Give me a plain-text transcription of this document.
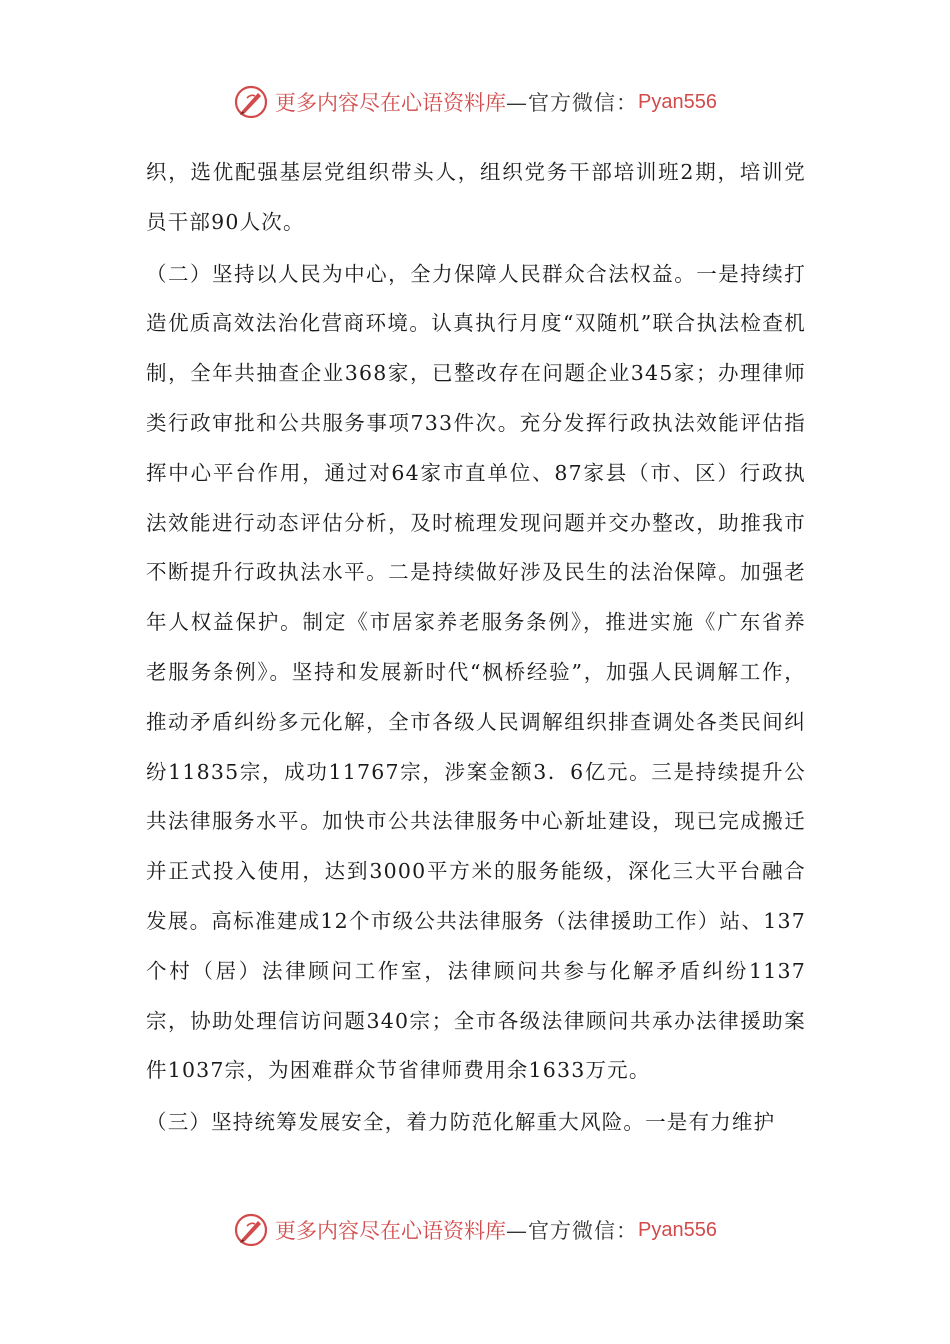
更多内容尽在心语资料库 —官方微信： Pyan556

织，选优配强基层党组织带头人，组织党务干部培训班2期，培训党员干部90人次。

（二）坚持以人民为中心，全力保障人民群众合法权益。一是持续打造优质高效法治化营商环境。认真执行月度“双随机”联合执法检查机制，全年共抽查企业368家，已整改存在问题企业345家；办理律师类行政审批和公共服务事项733件次。充分发挥行政执法效能评估指挥中心平台作用，通过对64家市直单位、87家县（市、区）行政执法效能进行动态评估分析，及时梳理发现问题并交办整改，助推我市不断提升行政执法水平。二是持续做好涉及民生的法治保障。加强老年人权益保护。制定《市居家养老服务条例》，推进实施《广东省养老服务条例》。坚持和发展新时代“枫桥经验”，加强人民调解工作，推动矛盾纠纷多元化解，全市各级人民调解组织排查调处各类民间纠纷11835宗，成功11767宗，涉案金额3．6亿元。三是持续提升公共法律服务水平。加快市公共法律服务中心新址建设，现已完成搬迁并正式投入使用，达到3000平方米的服务能级，深化三大平台融合发展。高标准建成12个市级公共法律服务（法律援助工作）站、137个村（居）法律顾问工作室，法律顾问共参与化解矛盾纠纷1137宗，协助处理信访问题340宗；全市各级法律顾问共承办法律援助案件1037宗，为困难群众节省律师费用余1633万元。

（三）坚持统筹发展安全，着力防范化解重大风险。一是有力维护

更多内容尽在心语资料库 —官方微信： Pyan556
